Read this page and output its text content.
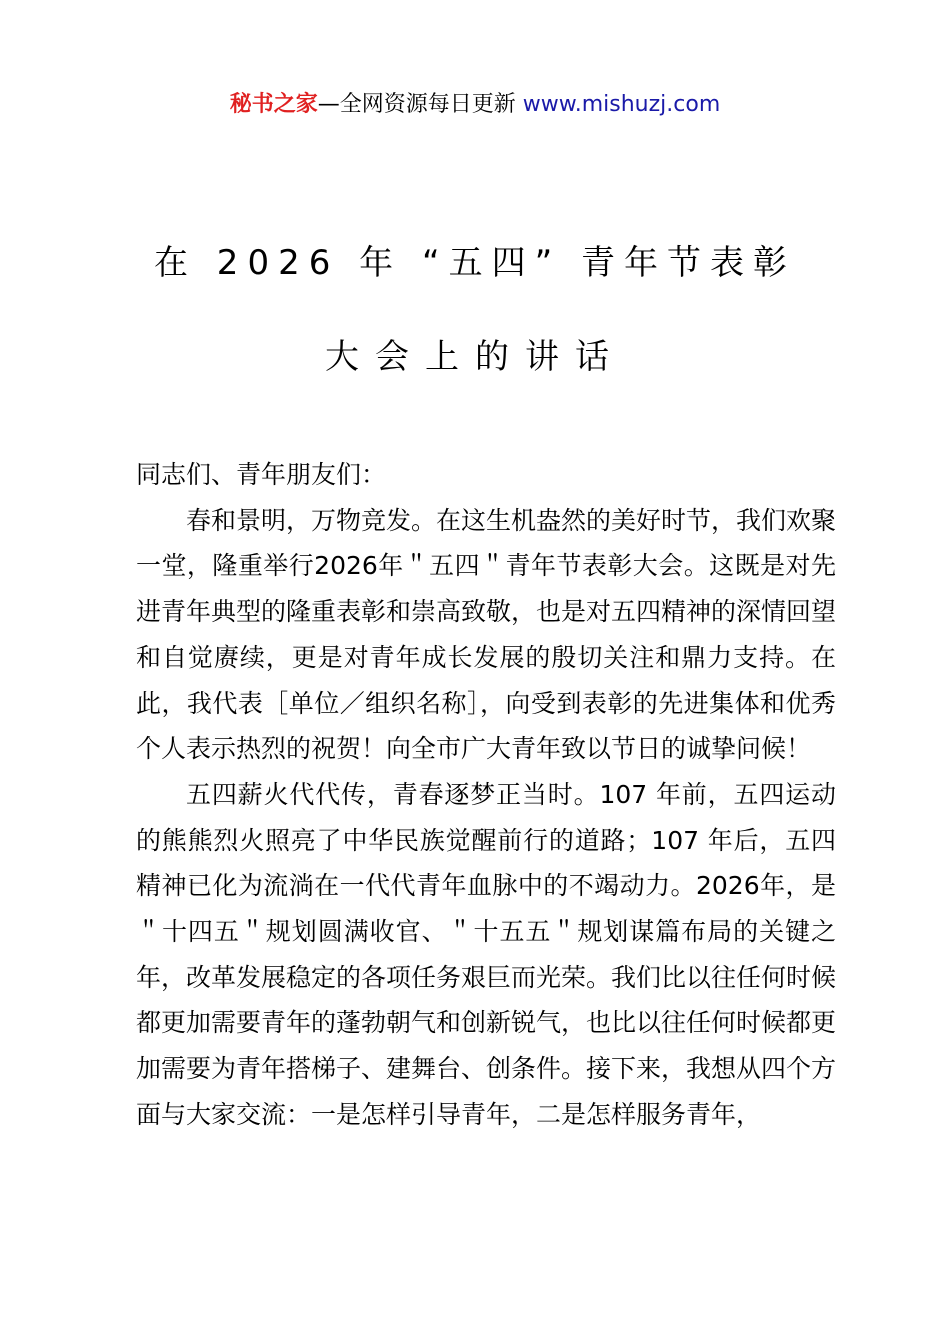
秘书之家—全网资源每日更新 www.mishuzj.com
在 2026 年 “五四” 青年节表彰
大会上的讲话

同志们、青年朋友们：

春和景明，万物竞发。在这生机盎然的美好时节，我们欢聚一堂，隆重举行2026年＂五四＂青年节表彰大会。这既是对先进青年典型的隆重表彰和崇高致敬，也是对五四精神的深情回望和自觉赓续，更是对青年成长发展的殷切关注和鼎力支持。在此，我代表［单位／组织名称］，向受到表彰的先进集体和优秀个人表示热烈的祝贺！向全市广大青年致以节日的诚挚问候！

五四薪火代代传，青春逐梦正当时。107 年前，五四运动的熊熊烈火照亮了中华民族觉醒前行的道路；107 年后，五四精神已化为流淌在一代代青年血脉中的不竭动力。2026年，是＂十四五＂规划圆满收官、＂十五五＂规划谋篇布局的关键之年，改革发展稳定的各项任务艰巨而光荣。我们比以往任何时候都更加需要青年的蓬勃朝气和创新锐气，也比以往任何时候都更加需要为青年搭梯子、建舞台、创条件。接下来，我想从四个方面与大家交流：一是怎样引导青年，二是怎样服务青年，
